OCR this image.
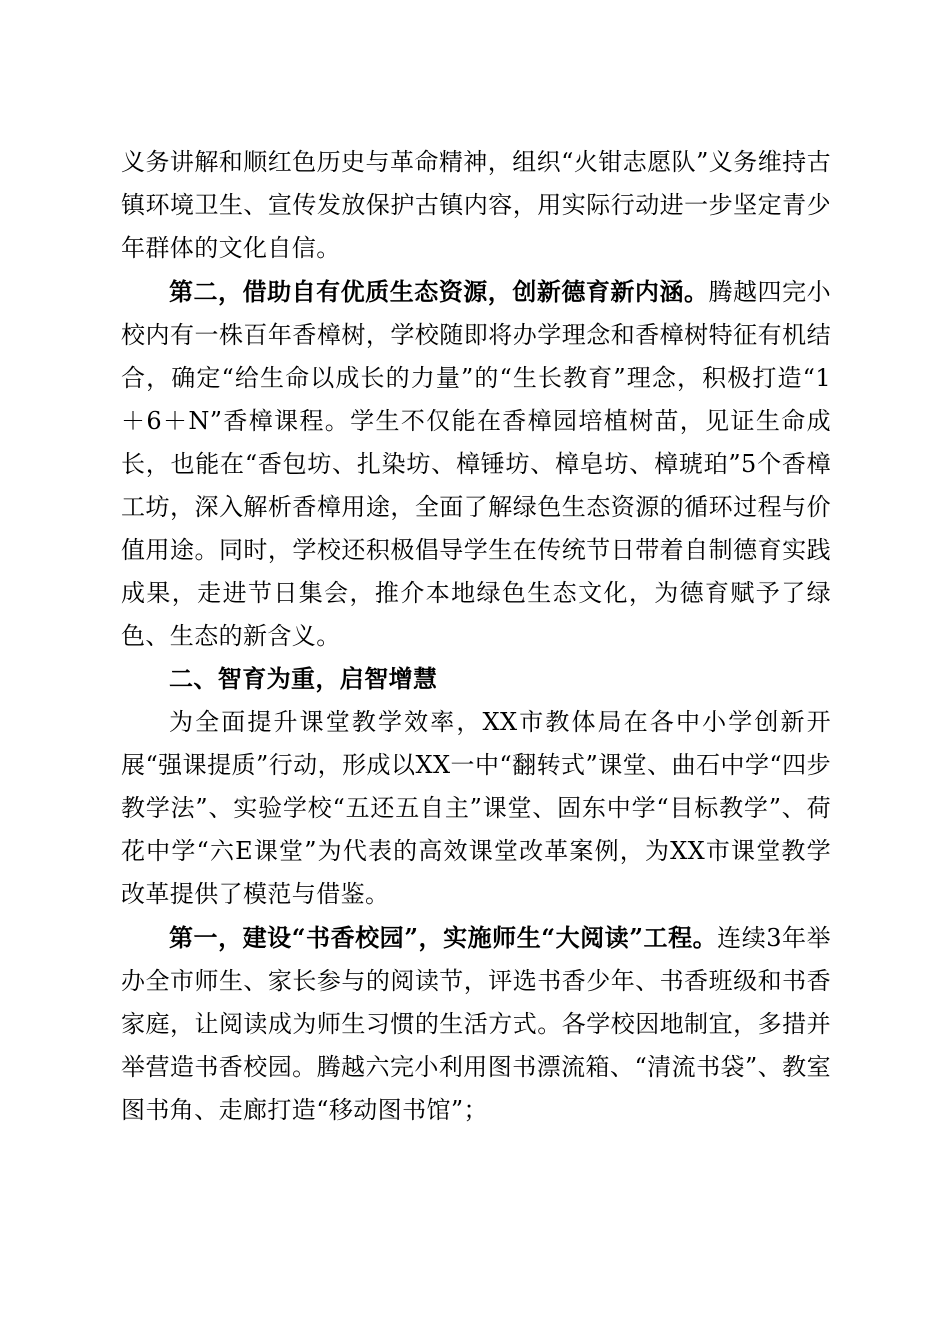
义务讲解和顺红色历史与革命精神，组织“火钳志愿队”义务维持古镇环境卫生、宣传发放保护古镇内容，用实际行动进一步坚定青少年群体的文化自信。

第二，借助自有优质生态资源，创新德育新内涵。腾越四完小校内有一株百年香樟树，学校随即将办学理念和香樟树特征有机结合，确定“给生命以成长的力量”的“生长教育”理念，积极打造“1＋6＋N”香樟课程。学生不仅能在香樟园培植树苗，见证生命成长，也能在“香包坊、扎染坊、樟锤坊、樟皂坊、樟琥珀”5个香樟工坊，深入解析香樟用途，全面了解绿色生态资源的循环过程与价值用途。同时，学校还积极倡导学生在传统节日带着自制德育实践成果，走进节日集会，推介本地绿色生态文化，为德育赋予了绿色、生态的新含义。

二、智育为重，启智增慧

为全面提升课堂教学效率，XX市教体局在各中小学创新开展“强课提质”行动，形成以XX一中“翻转式”课堂、曲石中学“四步教学法”、实验学校“五还五自主”课堂、固东中学“目标教学”、荷花中学“六E课堂”为代表的高效课堂改革案例，为XX市课堂教学改革提供了模范与借鉴。

第一，建设“书香校园”，实施师生“大阅读”工程。连续3年举办全市师生、家长参与的阅读节，评选书香少年、书香班级和书香家庭，让阅读成为师生习惯的生活方式。各学校因地制宜，多措并举营造书香校园。腾越六完小利用图书漂流箱、“清流书袋”、教室图书角、走廊打造“移动图书馆”；
